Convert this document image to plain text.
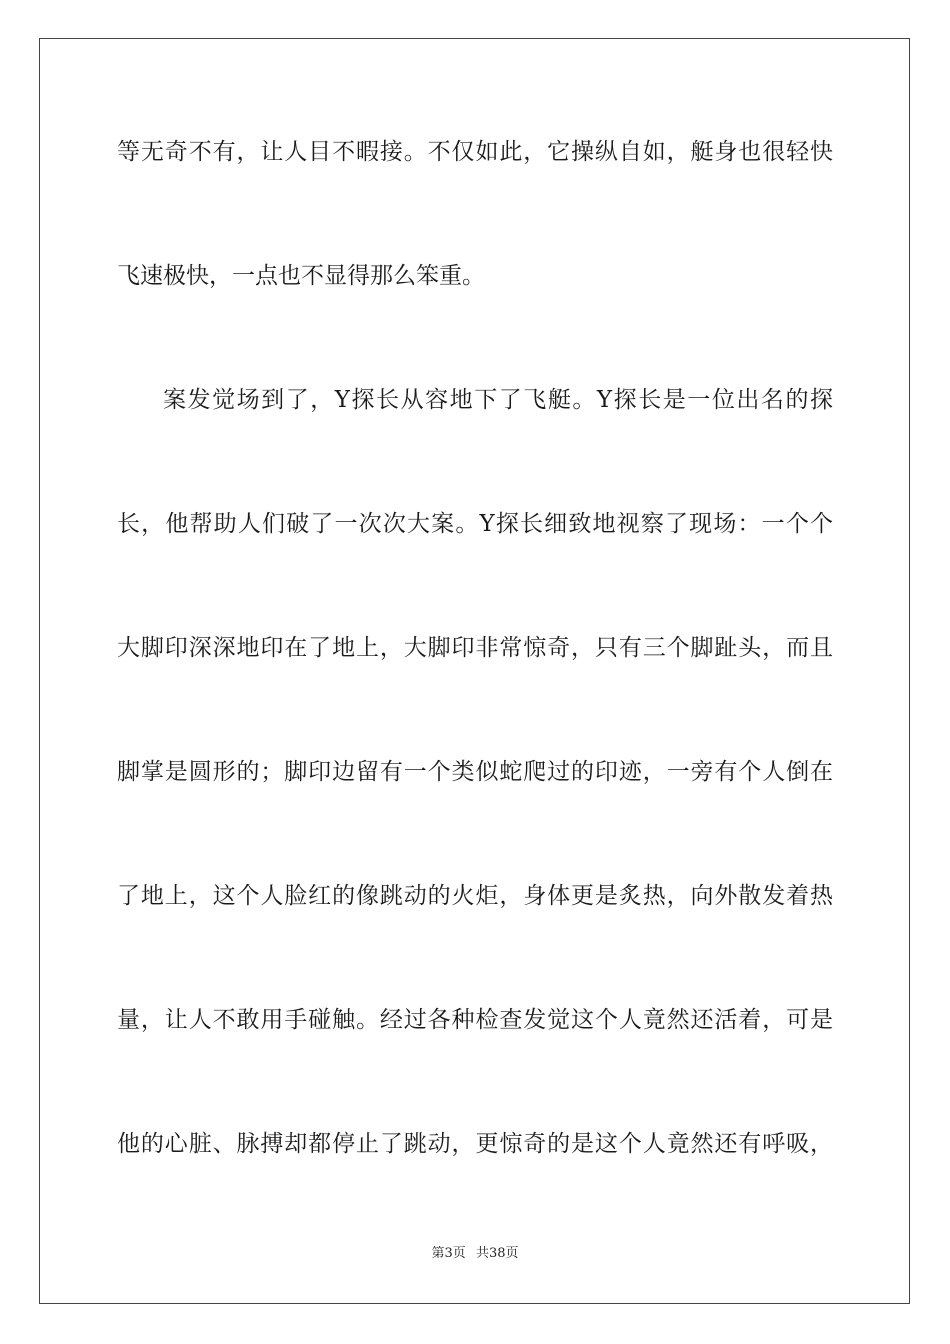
等无奇不有，让人目不暇接。不仅如此，它操纵自如，艇身也很轻快
飞速极快，一点也不显得那么笨重。
案发觉场到了，Y探长从容地下了飞艇。Y探长是一位出名的探
长，他帮助人们破了一次次大案。Y探长细致地视察了现场：一个个
大脚印深深地印在了地上，大脚印非常惊奇，只有三个脚趾头，而且
脚掌是圆形的；脚印边留有一个类似蛇爬过的印迹，一旁有个人倒在
了地上，这个人脸红的像跳动的火炬，身体更是炙热，向外散发着热
量，让人不敢用手碰触。经过各种检查发觉这个人竟然还活着，可是
他的心脏、脉搏却都停止了跳动，更惊奇的是这个人竟然还有呼吸，
第3页 共38页
